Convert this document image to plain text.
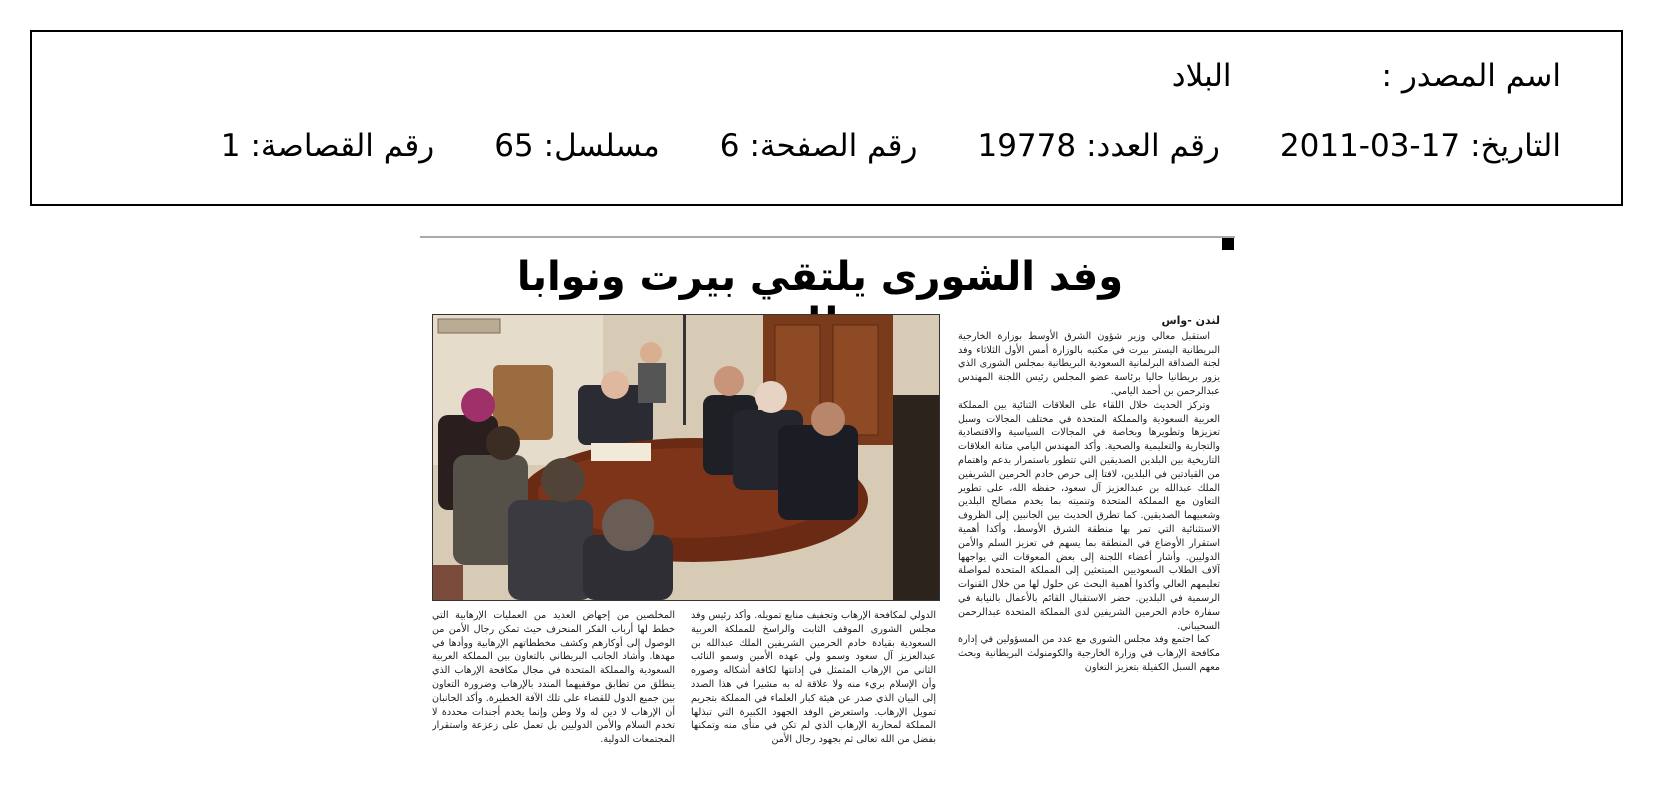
اسم المصدر :
البلاد
التاريخ:
2011-03-17
رقم العدد:
19778
رقم الصفحة:
6
مسلسل:
65
رقم القصاصة:
1
وفد الشورى يلتقي بيرت ونوابا
لندن -واس

استقبل معالي وزير شؤون الشرق الأوسط بوزارة الخارجية البريطانية اليستر بيرت في مكتبه بالوزارة أمس الأول الثلاثاء وفد لجنة الصداقة البرلمانية السعودية البريطانية بمجلس الشورى الذي يزور بريطانيا حاليا برئاسة عضو المجلس رئيس اللجنة المهندس عبدالرحمن بن أحمد اليامي.

وتركز الحديث خلال اللقاء على العلاقات الثنائية بين المملكة العربية السعودية والمملكة المتحدة في مختلف المجالات وسبل تعزيزها وتطويرها وبخاصة في المجالات السياسية والاقتصادية والتجارية والتعليمية والصحية. وأكد المهندس اليامي متانة العلاقات التاريخية بين البلدين الصديقين التي تتطور باستمرار بدعم واهتمام من القيادتين في البلدين، لافتا إلى حرص خادم الحرمين الشريفين الملك عبدالله بن عبدالعزيز آل سعود، حفظه الله، على تطوير التعاون مع المملكة المتحدة وتنميته بما يخدم مصالح البلدين وشعبيهما الصديقين. كما تطرق الحديث بين الجانبين إلى الظروف الاستثنائية التي تمر بها منطقة الشرق الأوسط، وأكدا أهمية استقرار الأوضاع في المنطقة بما يسهم في تعزيز السلم والأمن الدوليين. وأشار أعضاء اللجنة إلى بعض المعوقات التي يواجهها آلاف الطلاب السعوديين المبتعثين إلى المملكة المتحدة لمواصلة تعليمهم العالي وأكدوا أهمية البحث عن حلول لها من خلال القنوات الرسمية في البلدين. حضر الاستقبال القائم بالأعمال بالنيابة في سفارة خادم الحرمين الشريفين لدى المملكة المتحدة عبدالرحمن السحيباني.

كما اجتمع وفد مجلس الشورى مع عدد من المسؤولين في إدارة مكافحة الإرهاب في وزارة الخارجية والكومنولث البريطانية وبحث معهم السبل الكفيلة بتعزيز التعاون

الدولي لمكافحة الإرهاب وتجفيف منابع تمويله. وأكد رئيس وفد مجلس الشورى الموقف الثابت والراسخ للمملكة العربية السعودية بقيادة خادم الحرمين الشريفين الملك عبدالله بن عبدالعزيز آل سعود وسمو ولي عهده الأمين وسمو النائب الثاني من الإرهاب المتمثل في إدانتها لكافة أشكاله وصوره وأن الإسلام بريء منه ولا علاقة له به مشيرا في هذا الصدد إلى البيان الذي صدر عن هيئة كبار العلماء في المملكة بتجريم تمويل الإرهاب. واستعرض الوفد الجهود الكبيرة التي تبذلها المملكة لمحاربة الإرهاب الذي لم تكن في منأى منه وتمكنها بفضل من الله تعالى ثم بجهود رجال الأمن

المخلصين من إجهاض العديد من العمليات الإرهابية التي خطط لها أرباب الفكر المنحرف حيث تمكن رجال الأمن من الوصول إلى أوكارهم وكشف مخططاتهم الإرهابية ووأدها في مهدها. وأشاد الجانب البريطاني بالتعاون بين المملكة العربية السعودية والمملكة المتحدة في مجال مكافحة الإرهاب الذي ينطلق من تطابق موقفيهما المندد بالإرهاب وضرورة التعاون بين جميع الدول للقضاء على تلك الآفة الخطيرة. وأكد الجانبان أن الإرهاب لا دين له ولا وطن وإنما يخدم أجندات محددة لا تخدم السلام والأمن الدوليين بل تعمل على زعزعة واستقرار المجتمعات الدولية.
